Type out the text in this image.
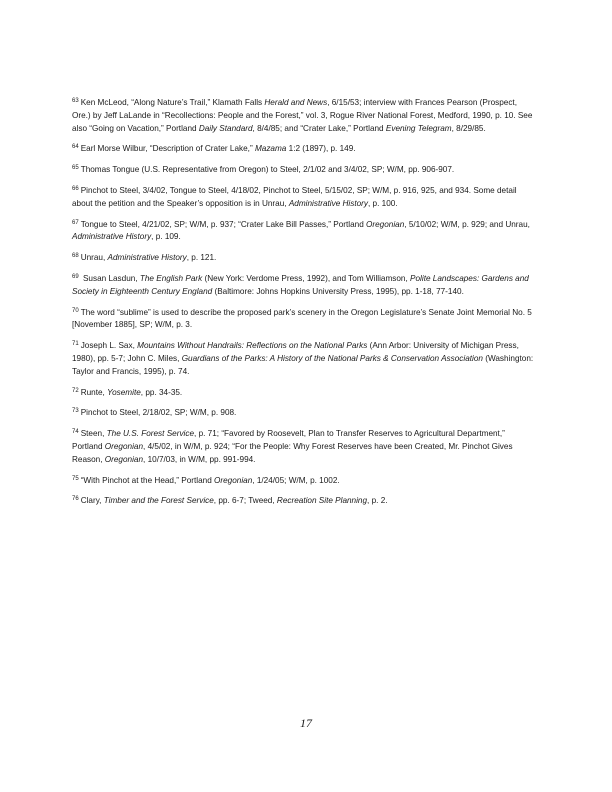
$^{63}$ Ken McLeod, “Along Nature’s Trail,” Klamath Falls Herald and News, 6/15/53; interview with Frances Pearson (Prospect, Ore.) by Jeff LaLande in “Recollections: People and the Forest,” vol. 3, Rogue River National Forest, Medford, 1990, p. 10. See also “Going on Vacation,” Portland Daily Standard, 8/4/85; and “Crater Lake,” Portland Evening Telegram, 8/29/85.

$^{64}$ Earl Morse Wilbur, “Description of Crater Lake,” Mazama 1:2 (1897), p. 149.

$^{65}$ Thomas Tongue (U.S. Representative from Oregon) to Steel, 2/1/02 and 3/4/02, SP; W/M, pp. 906-907.

$^{66}$ Pinchot to Steel, 3/4/02, Tongue to Steel, 4/18/02, Pinchot to Steel, 5/15/02, SP; W/M, p. 916, 925, and 934. Some detail about the petition and the Speaker’s opposition is in Unrau, Administrative History, p. 100.

$^{67}$ Tongue to Steel, 4/21/02, SP; W/M, p. 937; “Crater Lake Bill Passes,” Portland Oregonian, 5/10/02; W/M, p. 929; and Unrau, Administrative History, p. 109.

$^{68}$ Unrau, Administrative History, p. 121.

$^{69}$ Susan Lasdun, The English Park (New York: Verdome Press, 1992), and Tom Williamson, Polite Landscapes: Gardens and Society in Eighteenth Century England (Baltimore: Johns Hopkins University Press, 1995), pp. 1-18, 77-140.

$^{70}$ The word “sublime” is used to describe the proposed park’s scenery in the Oregon Legislature’s Senate Joint Memorial No. 5 [November 1885], SP; W/M, p. 3.

$^{71}$ Joseph L. Sax, Mountains Without Handrails: Reflections on the National Parks (Ann Arbor: University of Michigan Press, 1980), pp. 5-7; John C. Miles, Guardians of the Parks: A History of the National Parks & Conservation Association (Washington: Taylor and Francis, 1995), p. 74.

$^{72}$ Runte, Yosemite, pp. 34-35.

$^{73}$ Pinchot to Steel, 2/18/02, SP; W/M, p. 908.

$^{74}$ Steen, The U.S. Forest Service, p. 71; “Favored by Roosevelt, Plan to Transfer Reserves to Agricultural Department,” Portland Oregonian, 4/5/02, in W/M, p. 924; “For the People: Why Forest Reserves have been Created, Mr. Pinchot Gives Reason, Oregonian, 10/7/03, in W/M, pp. 991-994.

$^{75}$ “With Pinchot at the Head,” Portland Oregonian, 1/24/05; W/M, p. 1002.

$^{76}$ Clary, Timber and the Forest Service, pp. 6-7; Tweed, Recreation Site Planning, p. 2.

17
